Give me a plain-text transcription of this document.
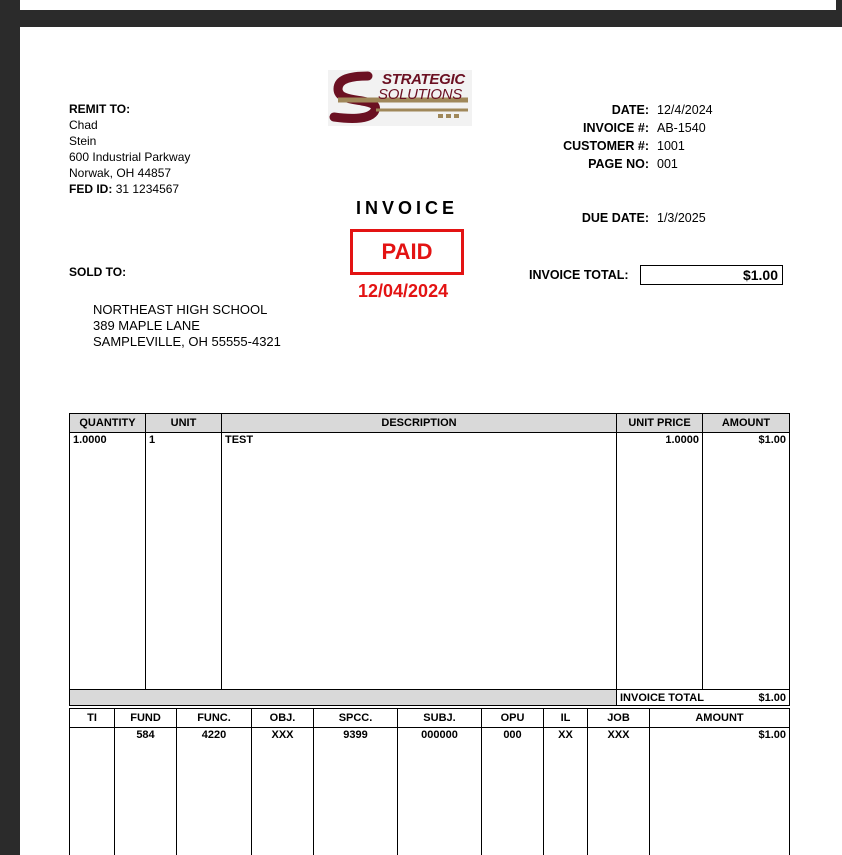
STRATEGIC
SOLUTIONS
REMIT TO:
Chad
Stein
600 Industrial Parkway
Norwak, OH 44857
FED ID: 31 1234567
DATE: 12/4/2024
INVOICE #: AB-1540
CUSTOMER #: 1001
PAGE NO: 001
DUE DATE: 1/3/2025
INVOICE
PAID
12/04/2024
SOLD TO:
NORTHEAST HIGH SCHOOL
389 MAPLE LANE
SAMPLEVILLE, OH 55555-4321
INVOICE TOTAL:	$1.00
QUANTITY	UNIT	DESCRIPTION	UNIT PRICE	AMOUNT
1.0000	1	TEST	1.0000	$1.00
			INVOICE TOTAL $1.00	
TI	FUND	FUNC.	OBJ.	SPCC.	SUBJ.	OPU	IL	JOB	AMOUNT
	584	4220	XXX	9399	000000	000	XX	XXX	$1.00
